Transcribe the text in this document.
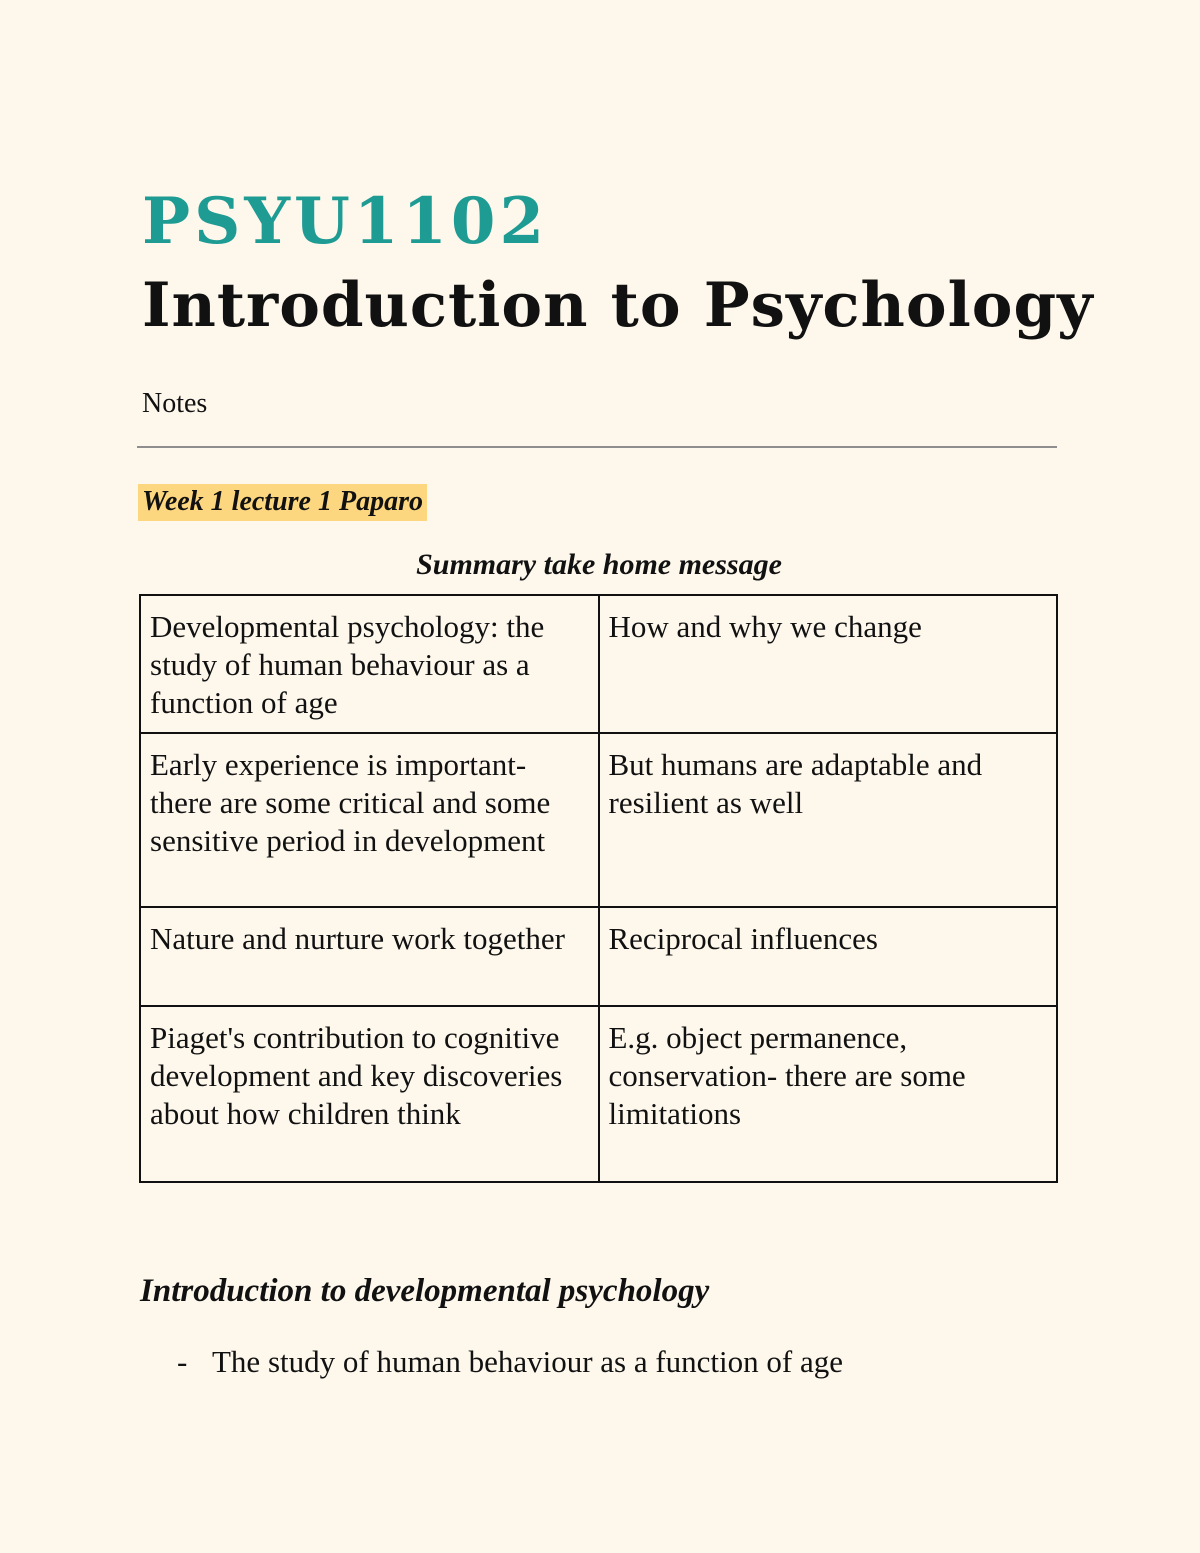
PSYU1102
Introduction to Psychology

Notes

Week 1 lecture 1 Paparo
Summary take home message
Developmental psychology: the study of human behaviour as a function of age	How and why we change
Early experience is important- there are some critical and some sensitive period in development	But humans are adaptable and resilient as well
Nature and nurture work together	Reciprocal influences
Piaget's contribution to cognitive development and key discoveries about how children think	E.g. object permanence, conservation- there are some limitations
Introduction to developmental psychology
- The study of human behaviour as a function of age
